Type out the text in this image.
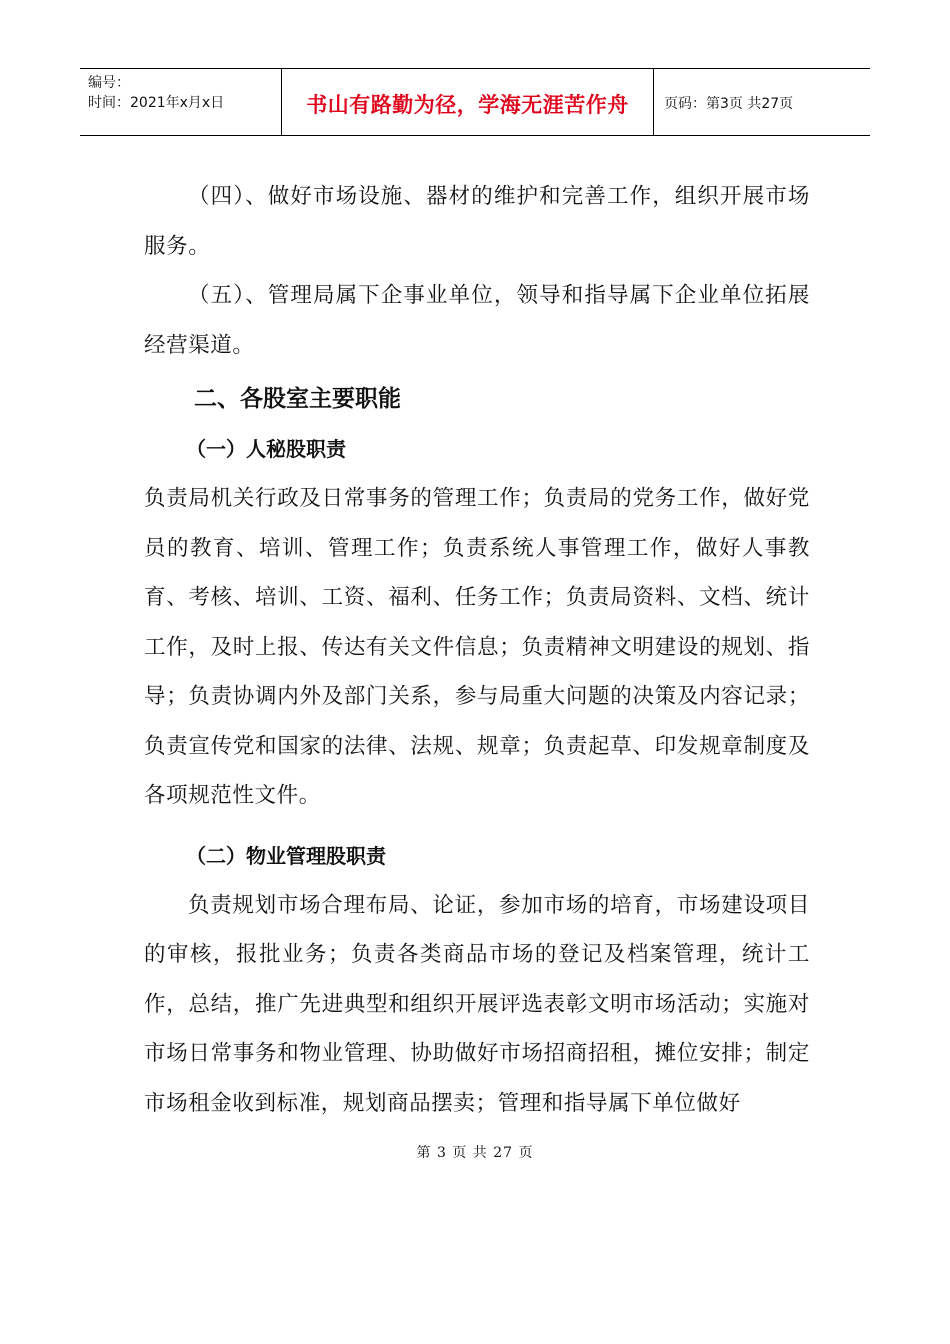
编号：
时间：2021年x月x日	书山有路勤为径，学海无涯苦作舟	页码：第3页 共27页

（四）、做好市场设施、器材的维护和完善工作，组织开展市场服务。

（五）、管理局属下企事业单位，领导和指导属下企业单位拓展经营渠道。

二、各股室主要职能
（一）人秘股职责

负责局机关行政及日常事务的管理工作；负责局的党务工作，做好党员的教育、培训、管理工作；负责系统人事管理工作，做好人事教育、考核、培训、工资、福利、任务工作；负责局资料、文档、统计工作，及时上报、传达有关文件信息；负责精神文明建设的规划、指导；负责协调内外及部门关系，参与局重大问题的决策及内容记录；负责宣传党和国家的法律、法规、规章；负责起草、印发规章制度及各项规范性文件。

（二）物业管理股职责

负责规划市场合理布局、论证，参加市场的培育，市场建设项目的审核，报批业务；负责各类商品市场的登记及档案管理，统计工作，总结，推广先进典型和组织开展评选表彰文明市场活动；实施对市场日常事务和物业管理、协助做好市场招商招租，摊位安排；制定市场租金收到标准，规划商品摆卖；管理和指导属下单位做好

第 3 页 共 27 页
